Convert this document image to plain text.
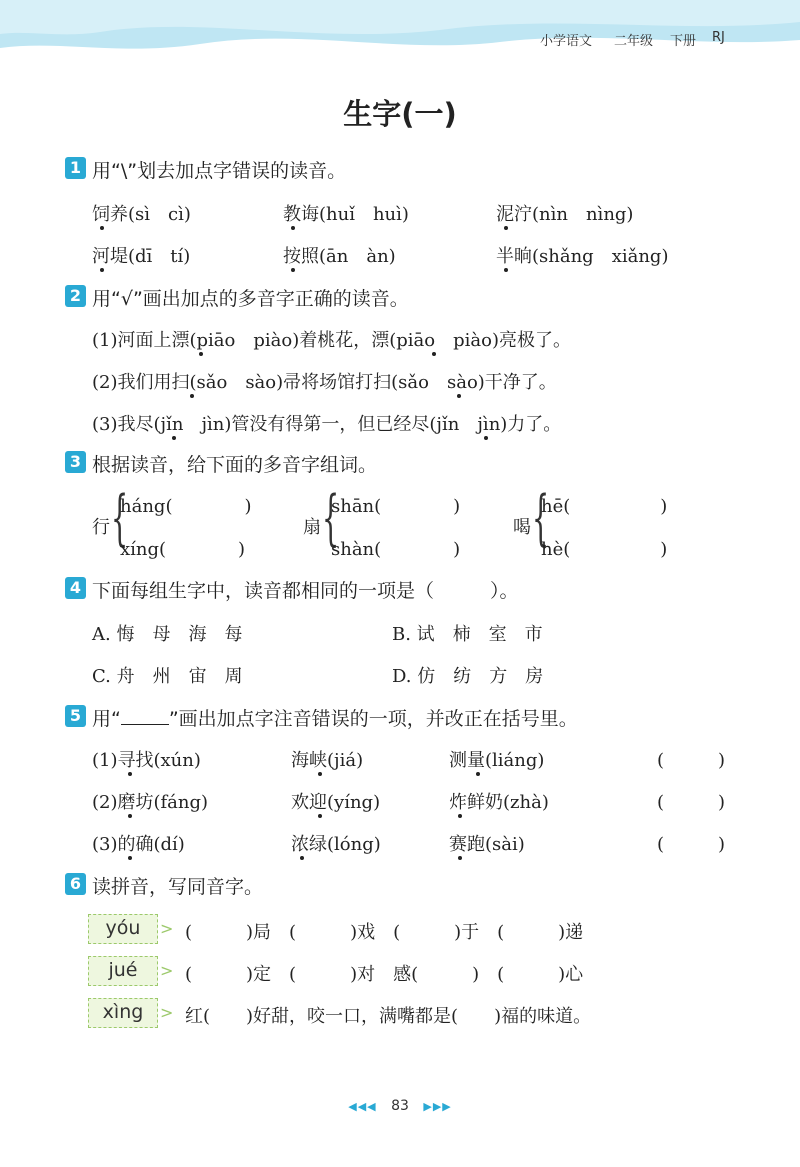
小学语文 二年级 下册 RJ
生字(一)
1 用“\”划去加点字错误的读音。
饲养(sì　cì)	教诲(huǐ　huì)	泥泞(nìn　nìng)
河堤(dī　tí)	按照(ān　àn)	半晌(shǎng　xiǎng)
2 用“√”画出加点的多音字正确的读音。
(1)河面上漂(piāo　piào)着桃花，漂(piāo　piào)亮极了。
(2)我们用扫(sǎo　sào)帚将场馆打扫(sǎo　sào)干净了。
(3)我尽(jǐn　jìn)管没有得第一，但已经尽(jǐn　jìn)力了。
3 根据读音，给下面的多音字组词。
行 {
háng(　　　　)
xíng(　　　　)
扇 {
shān(　　　　)
shàn(　　　　)
喝 {
hē(　　　　　)
hè(　　　　　)
4 下面每组生字中，读音都相同的一项是（	）。
A. 悔　母　海　每	B. 试　柿　室　市
C. 舟　州　宙　周	D. 仿　纺　方　房
5 用“	”画出加点字注音错误的一项，并改正在括号里。
(1)寻找(xún)	海峡(jiá)	测量(liáng)	(　　　)
(2)磨坊(fáng)	欢迎(yíng)	炸鲜奶(zhà)	(　　　)
(3)的确(dí)	浓绿(lóng)	赛跑(sài)	(　　　)
6 读拼音，写同音字。
yóu	> (　　　)局　(　　　)戏　(　　　)于　(　　　)递
jué	> (　　　)定　(　　　)对　感(　　　)　(　　　)心
xìng	> 红(　　)好甜，咬一口，满嘴都是(　　)福的味道。
◀◀◀ 83 ▶▶▶
